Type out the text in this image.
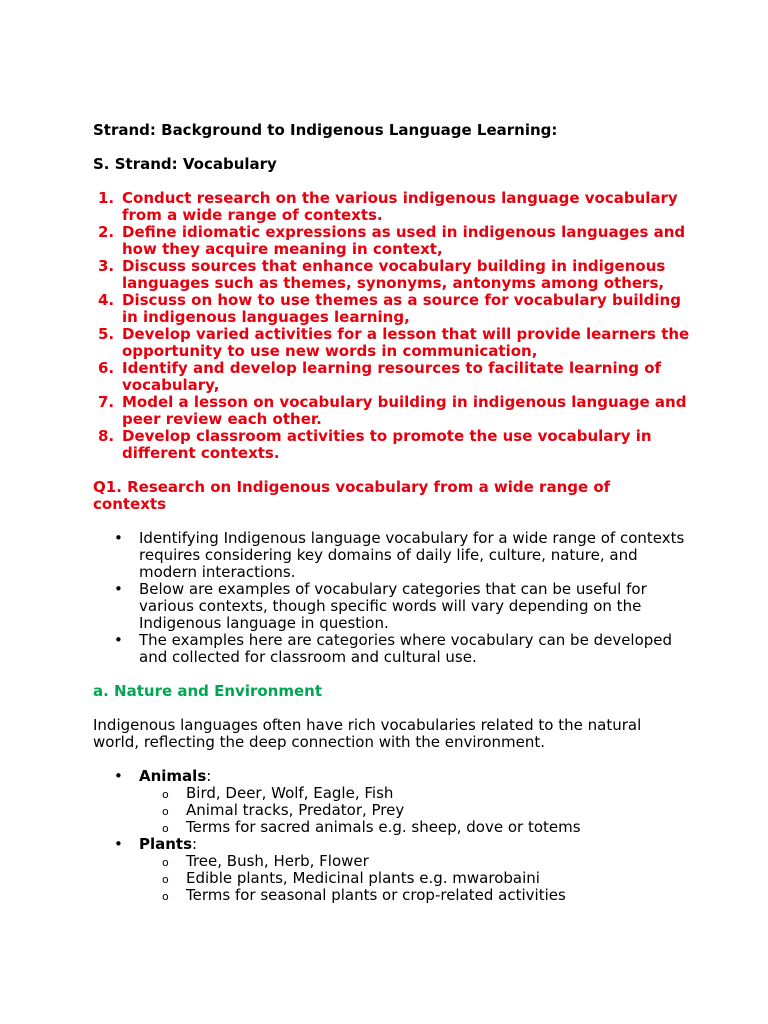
Strand: Background to Indigenous Language Learning:
S. Strand: Vocabulary
1. Conduct research on the various indigenous language vocabulary from a wide range of contexts.
2. Define idiomatic expressions as used in indigenous languages and how they acquire meaning in context,
3. Discuss sources that enhance vocabulary building in indigenous languages such as themes, synonyms, antonyms among others,
4. Discuss on how to use themes as a source for vocabulary building in indigenous languages learning,
5. Develop varied activities for a lesson that will provide learners the opportunity to use new words in communication,
6. Identify and develop learning resources to facilitate learning of vocabulary,
7. Model a lesson on vocabulary building in indigenous language and peer review each other.
8. Develop classroom activities to promote the use vocabulary in different contexts.
Q1. Research on Indigenous vocabulary from a wide range of contexts
• Identifying Indigenous language vocabulary for a wide range of contexts requires considering key domains of daily life, culture, nature, and modern interactions.
• Below are examples of vocabulary categories that can be useful for various contexts, though specific words will vary depending on the Indigenous language in question.
• The examples here are categories where vocabulary can be developed and collected for classroom and cultural use.
a. Nature and Environment
Indigenous languages often have rich vocabularies related to the natural world, reflecting the deep connection with the environment.
• Animals:
o Bird, Deer, Wolf, Eagle, Fish
o Animal tracks, Predator, Prey
o Terms for sacred animals e.g. sheep, dove or totems
• Plants:
o Tree, Bush, Herb, Flower
o Edible plants, Medicinal plants e.g. mwarobaini
o Terms for seasonal plants or crop-related activities
